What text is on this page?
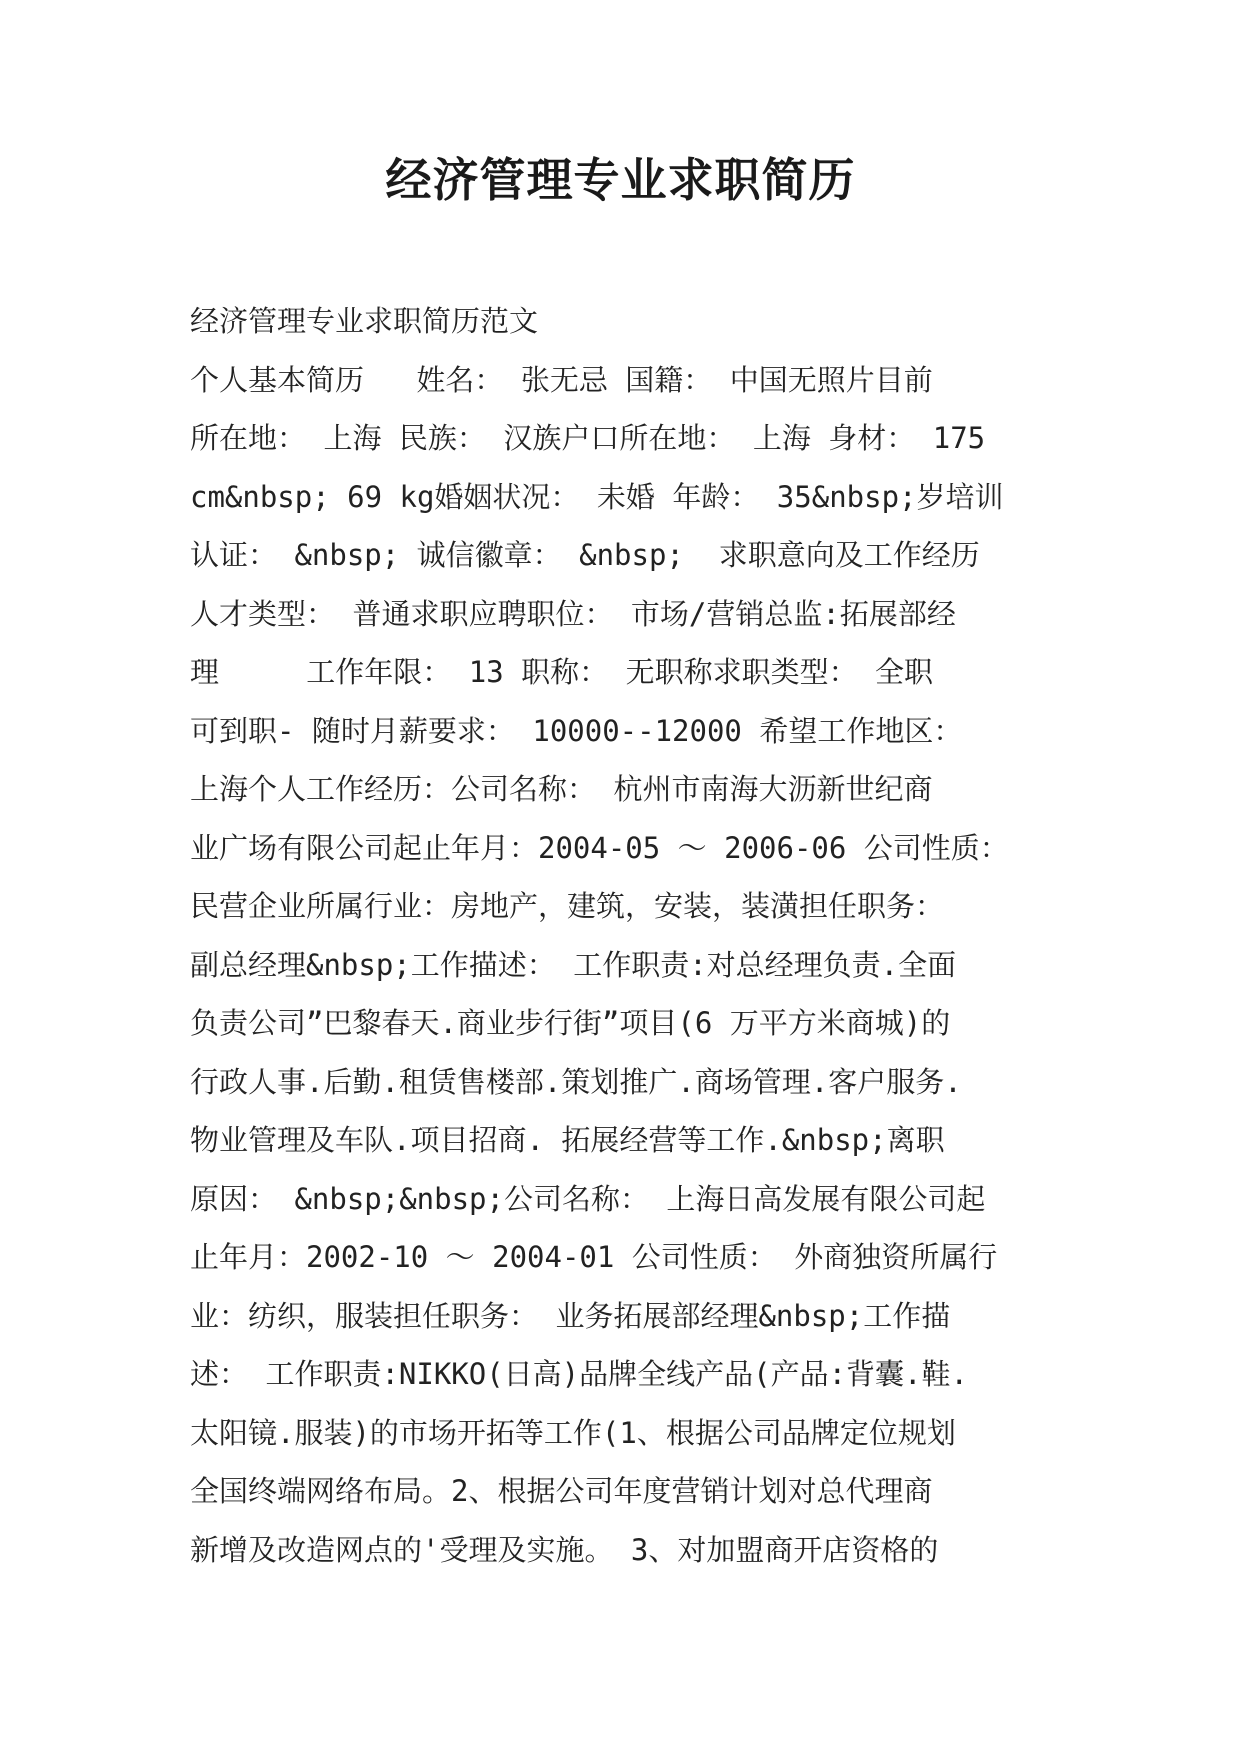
经济管理专业求职简历
经济管理专业求职简历范文
个人基本简历   姓名： 张无忌 国籍： 中国无照片目前
所在地： 上海 民族： 汉族户口所在地： 上海 身材： 175
cm&nbsp; 69 kg婚姻状况： 未婚 年龄： 35&nbsp;岁培训
认证： &nbsp; 诚信徽章： &nbsp;  求职意向及工作经历
人才类型： 普通求职应聘职位： 市场/营销总监:拓展部经
理     工作年限： 13 职称： 无职称求职类型： 全职
可到职- 随时月薪要求： 10000--12000 希望工作地区：
上海个人工作经历：公司名称： 杭州市南海大沥新世纪商
业广场有限公司起止年月：2004-05 ～ 2006-06 公司性质：
民营企业所属行业：房地产，建筑，安装，装潢担任职务：
副总经理&nbsp;工作描述： 工作职责:对总经理负责.全面
负责公司”巴黎春天.商业步行街”项目(6 万平方米商城)的
行政人事.后勤.租赁售楼部.策划推广.商场管理.客户服务.
物业管理及车队.项目招商. 拓展经营等工作.&nbsp;离职
原因： &nbsp;&nbsp;公司名称： 上海日高发展有限公司起
止年月：2002-10 ～ 2004-01 公司性质： 外商独资所属行
业：纺织，服装担任职务： 业务拓展部经理&nbsp;工作描
述： 工作职责:NIKKO(日高)品牌全线产品(产品:背囊.鞋.
太阳镜.服装)的市场开拓等工作(1、根据公司品牌定位规划
全国终端网络布局。2、根据公司年度营销计划对总代理商
新增及改造网点的'受理及实施。 3、对加盟商开店资格的
